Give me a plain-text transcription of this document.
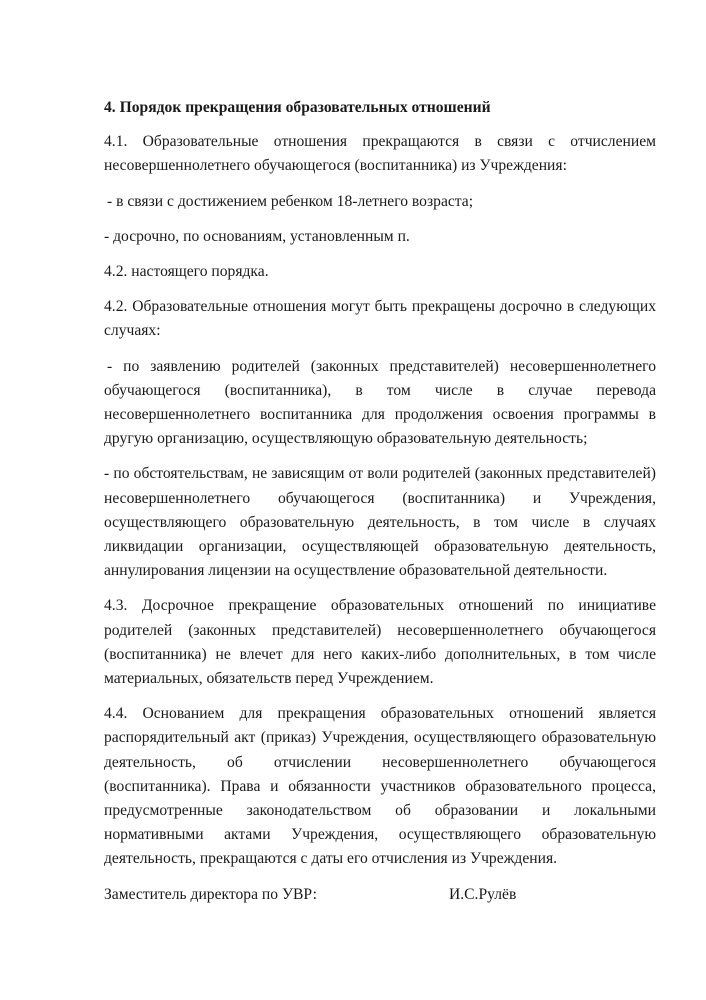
4. Порядок прекращения образовательных отношений

4.1. Образовательные отношения прекращаются в связи с отчислением несовершеннолетнего обучающегося (воспитанника) из Учреждения:

- в связи с достижением ребенком 18-летнего возраста;

- досрочно, по основаниям, установленным п.

4.2. настоящего порядка.

4.2. Образовательные отношения могут быть прекращены досрочно в следующих случаях:

- по заявлению родителей (законных представителей) несовершеннолетнего обучающегося (воспитанника), в том числе в случае перевода несовершеннолетнего воспитанника для продолжения освоения программы в другую организацию, осуществляющую образовательную деятельность;

- по обстоятельствам, не зависящим от воли родителей (законных представителей) несовершеннолетнего обучающегося (воспитанника) и Учреждения, осуществляющего образовательную деятельность, в том числе в случаях ликвидации организации, осуществляющей образовательную деятельность, аннулирования лицензии на осуществление образовательной деятельности.

4.3. Досрочное прекращение образовательных отношений по инициативе родителей (законных представителей) несовершеннолетнего обучающегося (воспитанника) не влечет для него каких-либо дополнительных, в том числе материальных, обязательств перед Учреждением.

4.4. Основанием для прекращения образовательных отношений является распорядительный акт (приказ) Учреждения, осуществляющего образовательную деятельность, об отчислении несовершеннолетнего обучающегося (воспитанника). Права и обязанности участников образовательного процесса, предусмотренные законодательством об образовании и локальными нормативными актами Учреждения, осуществляющего образовательную деятельность, прекращаются с даты его отчисления из Учреждения.

Заместитель директора по УВР:	И.С.Рулёв
